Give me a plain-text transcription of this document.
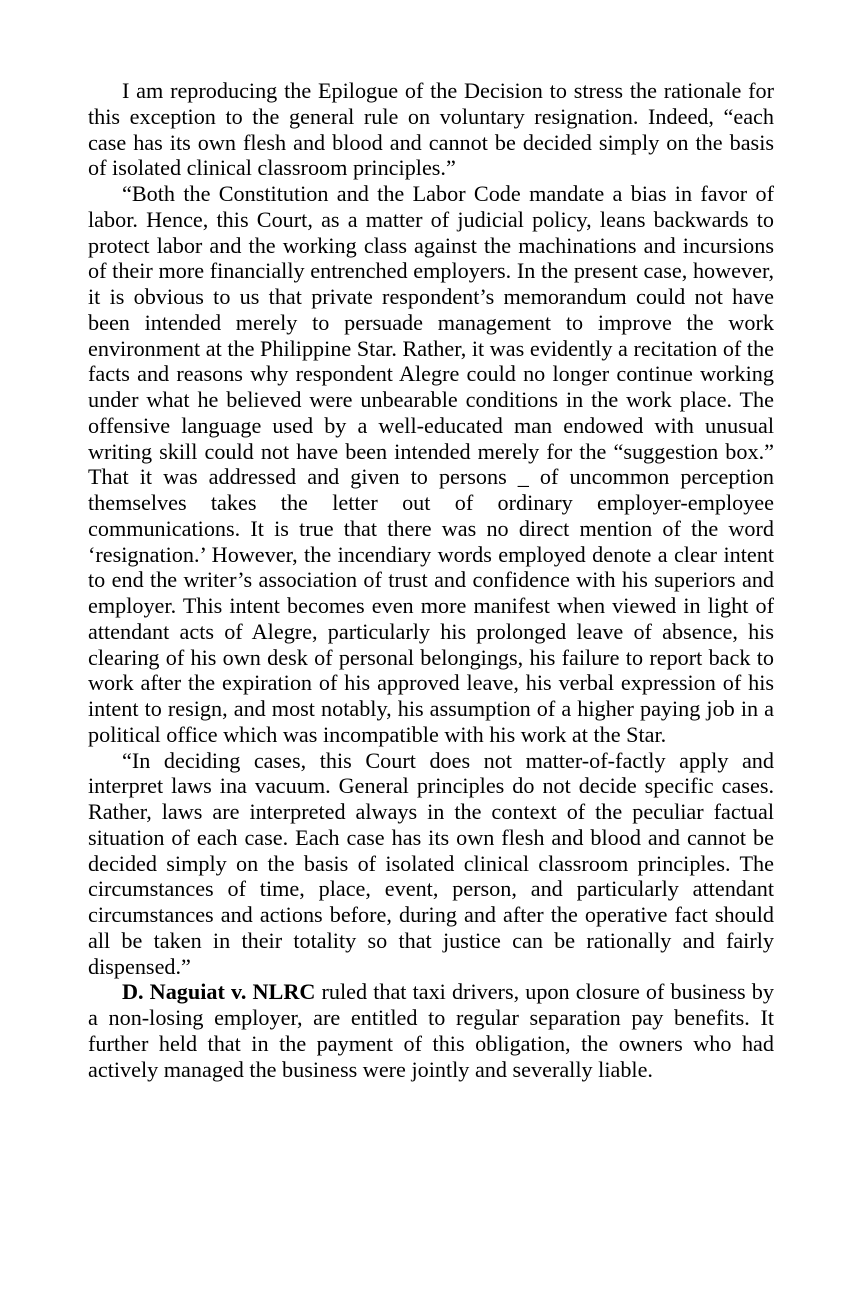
I am reproducing the Epilogue of the Decision to stress the rationale for this exception to the general rule on voluntary resignation. Indeed, “each case has its own flesh and blood and cannot be decided simply on the basis of isolated clinical classroom principles.”

“Both the Constitution and the Labor Code mandate a bias in favor of labor. Hence, this Court, as a matter of judicial policy, leans backwards to protect labor and the working class against the machinations and incursions of their more financially entrenched employers. In the present case, however, it is obvious to us that private respondent’s memorandum could not have been intended merely to persuade management to improve the work environment at the Philippine Star. Rather, it was evidently a recitation of the facts and reasons why respondent Alegre could no longer continue working under what he believed were unbearable conditions in the work place. The offensive language used by a well-educated man endowed with unusual writing skill could not have been intended merely for the “suggestion box.” That it was addressed and given to persons _ of uncommon perception themselves takes the letter out of ordinary employer-employee communications. It is true that there was no direct mention of the word ‘resignation.’ However, the incendiary words employed denote a clear intent to end the writer’s association of trust and confidence with his superiors and employer. This intent becomes even more manifest when viewed in light of attendant acts of Alegre, particularly his prolonged leave of absence, his clearing of his own desk of personal belongings, his failure to report back to work after the expiration of his approved leave, his verbal expression of his intent to resign, and most notably, his assumption of a higher paying job in a political office which was incompatible with his work at the Star.

“In deciding cases, this Court does not matter-of-factly apply and interpret laws ina vacuum. General principles do not decide specific cases. Rather, laws are interpreted always in the context of the peculiar factual situation of each case. Each case has its own flesh and blood and cannot be decided simply on the basis of isolated clinical classroom principles. The circumstances of time, place, event, person, and particularly attendant circumstances and actions before, during and after the operative fact should all be taken in their totality so that justice can be rationally and fairly dispensed.”

D. Naguiat v. NLRC ruled that taxi drivers, upon closure of business by a non-losing employer, are entitled to regular separation pay benefits. It further held that in the payment of this obligation, the owners who had actively managed the business were jointly and severally liable.
